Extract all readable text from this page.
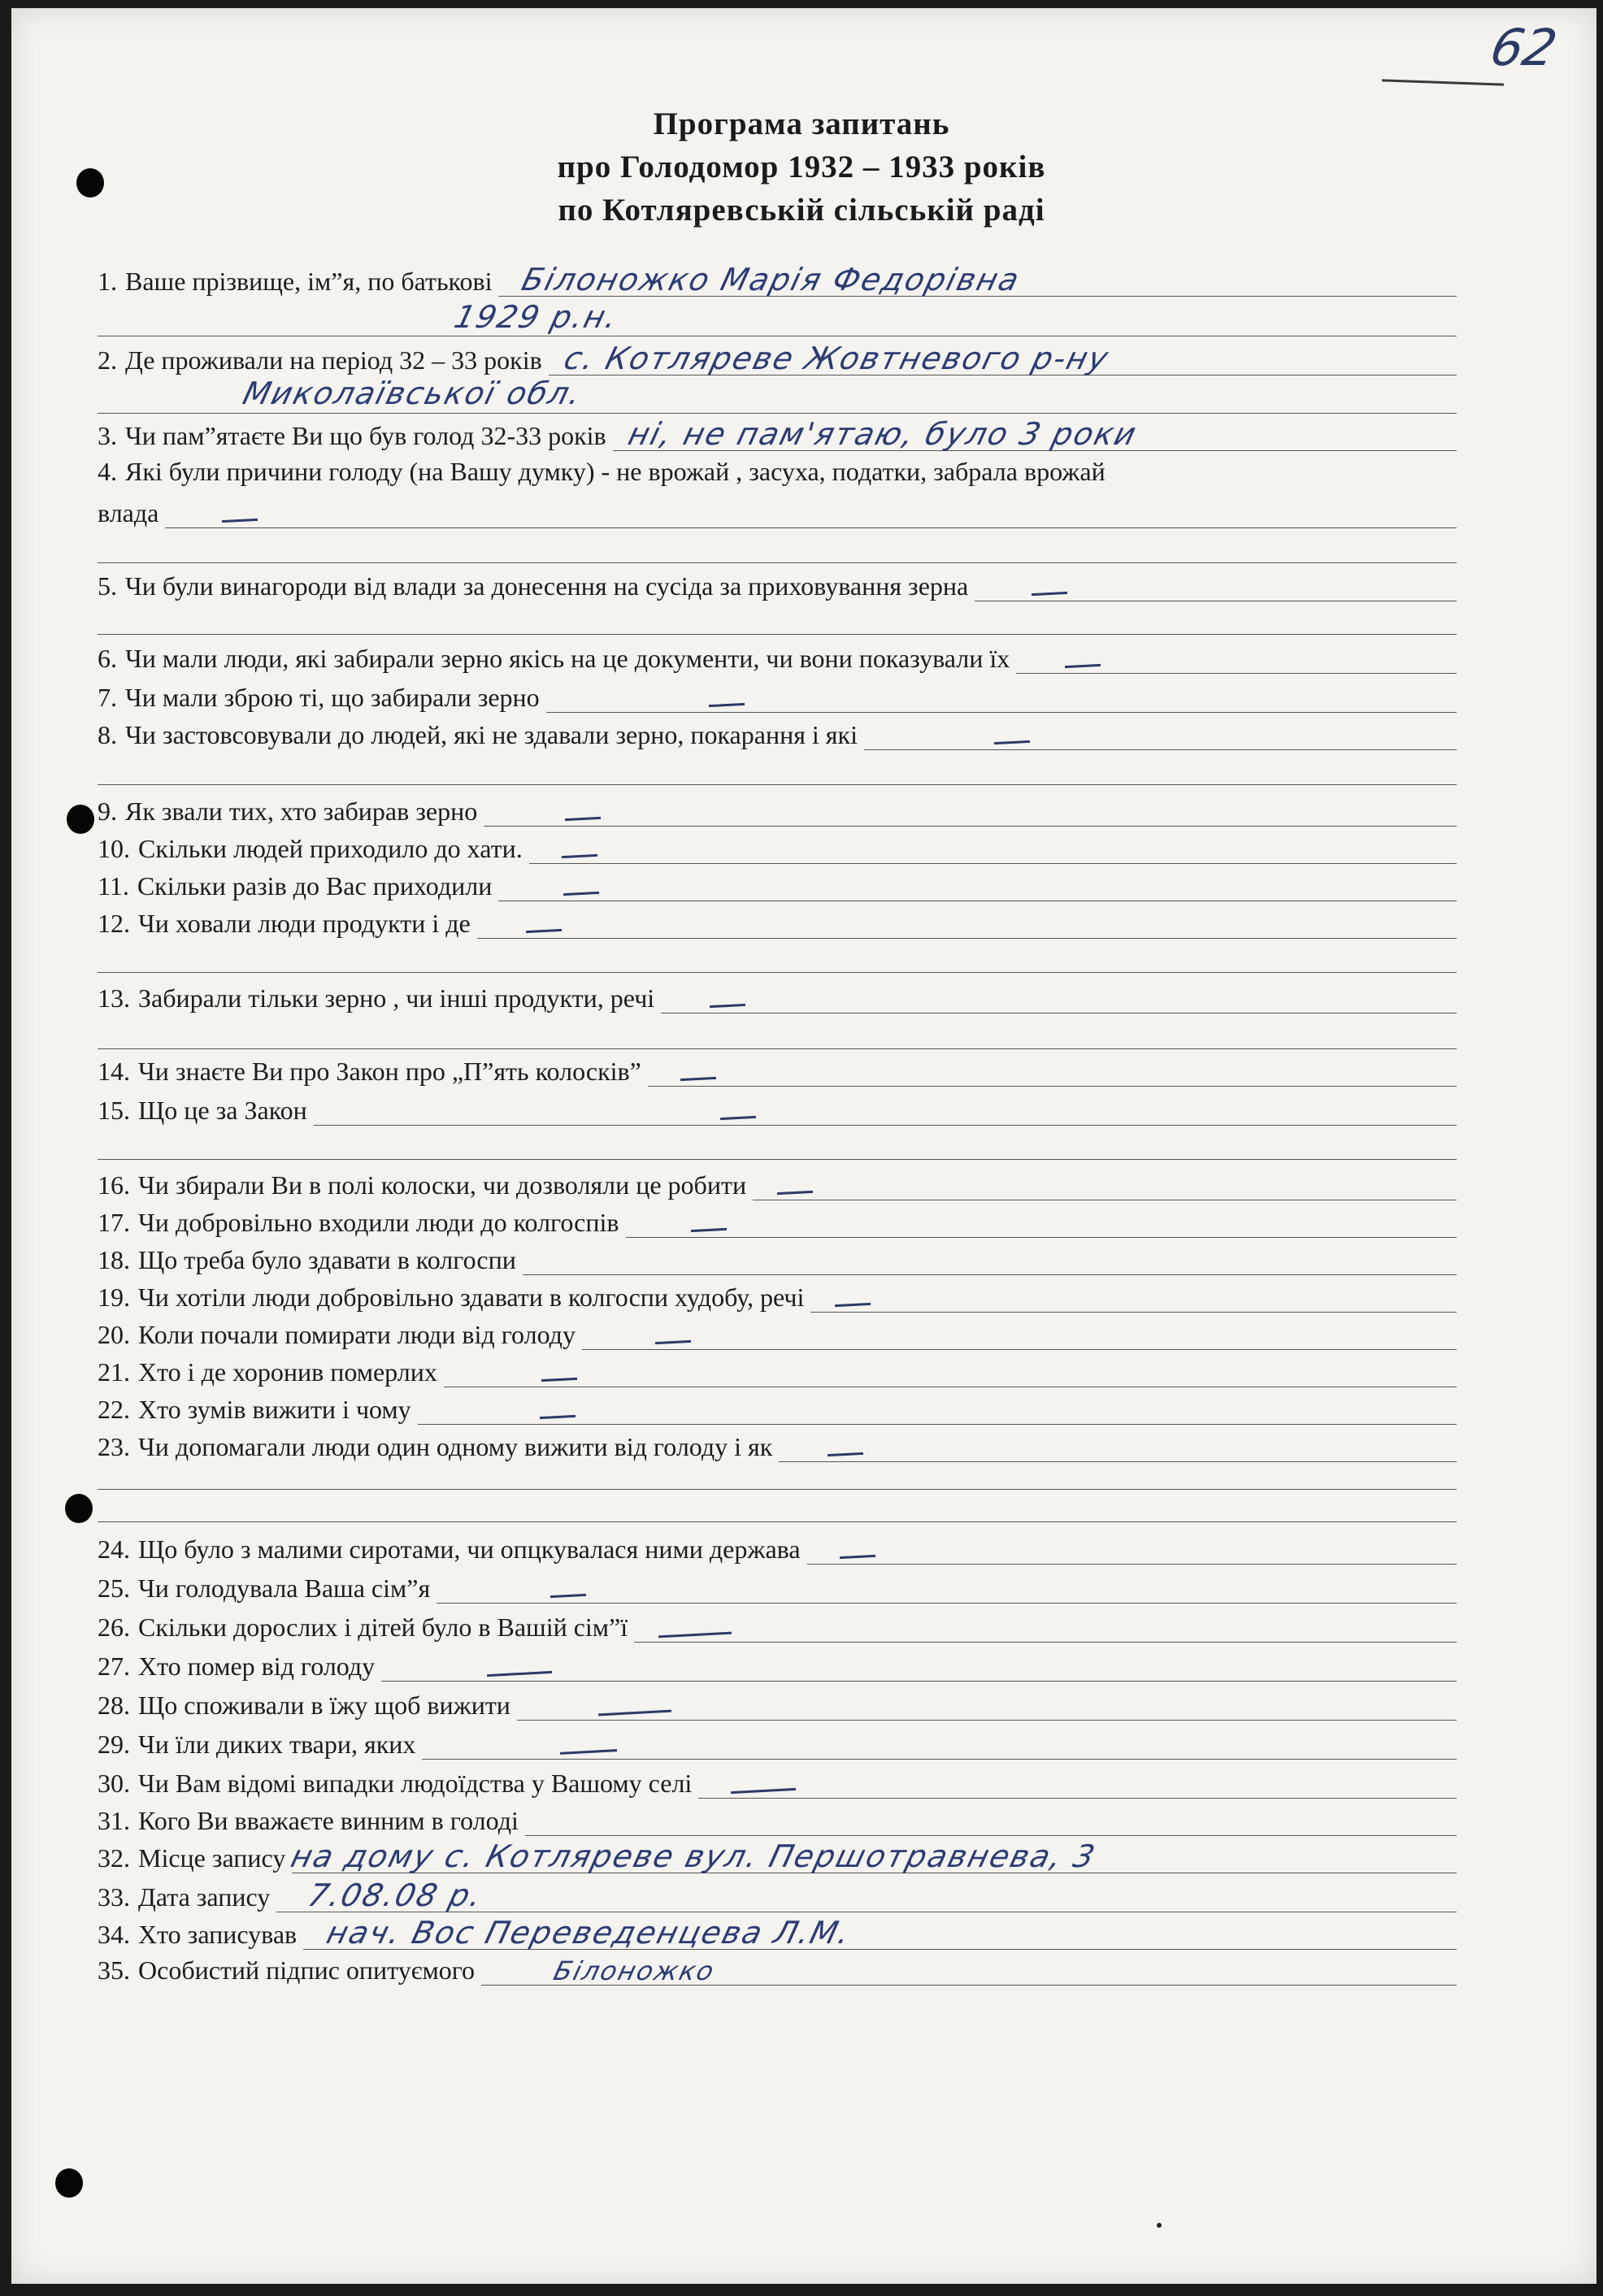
62
Програма запитань
про Голодомор 1932 – 1933 років
по Котляревській сільській раді
1. Ваше прізвище, ім”я, по батькові Білоножко Марія Федорівна
1929 р.н.
2. Де проживали на період 32 – 33 років с. Котлярeве Жовтневого р-ну
Миколаївської обл.
3. Чи пам”ятаєте Ви що був голод 32-33 років ні, не пам'ятаю, було 3 роки
4. Які були причини голоду (на Вашу думку) - не врожай , засуха, податки, забрала врожай
влада
5. Чи були винагороди від влади за донесення на сусіда за приховування зерна
6. Чи мали люди, які забирали зерно якісь на це документи, чи вони показували їх
7. Чи мали зброю ті, що забирали зерно
8. Чи застовсовували до людей, які не здавали зерно, покарання і які
9. Як звали тих, хто забирав зерно
10. Скільки людей приходило до хати.
11. Скільки разів до Вас приходили
12. Чи ховали люди продукти і де
13. Забирали тільки зерно , чи інші продукти, речі
14. Чи знаєте Ви про Закон про „П”ять колосків”
15. Що це за Закон
16. Чи збирали Ви в полі колоски, чи дозволяли це робити
17. Чи добровільно входили люди до колгоспів
18. Що треба було здавати в колгоспи
19. Чи хотіли люди добровільно здавати в колгоспи худобу, речі
20. Коли почали помирати люди від голоду
21. Хто і де хоронив померлих
22. Хто зумів вижити і чому
23. Чи допомагали люди один одному вижити від голоду і як
24. Що було з малими сиротами, чи опцкувалася ними держава
25. Чи голодувала Ваша сім”я
26. Скільки дорослих і дітей було в Вашій сім”ї
27. Хто помер від голоду
28. Що споживали в їжу щоб вижити
29. Чи їли диких твари, яких
30. Чи Вам відомі випадки людоїдства у Вашому селі
31. Кого Ви вважаєте винним в голоді
32. Місце запису на дому с. Котлярeве вул. Першотравнева, 3
33. Дата запису 7.08.08 р.
34. Хто записував нач. Вос Переведенцева Л.М.
35. Особистий підпис опитуємого	Білоножко
